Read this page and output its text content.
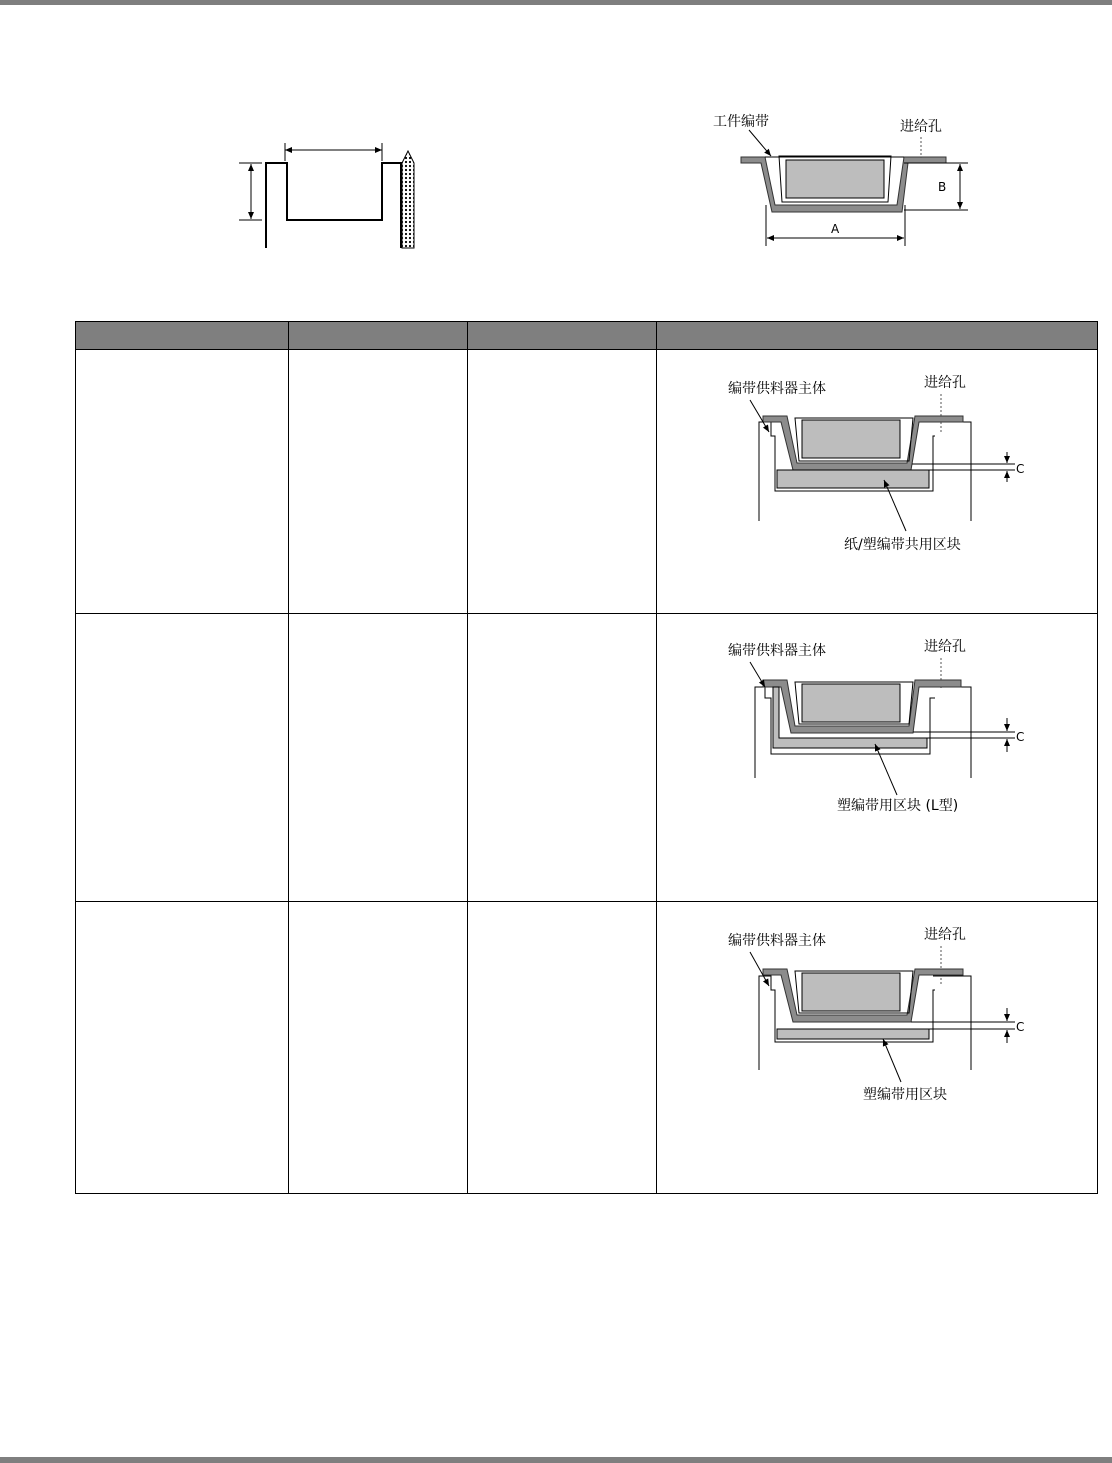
工件编带	进给孔
B
A

编带供料器主体 进给孔
C
纸/塑编带共用区块

编带供料器主体 进给孔
C
塑编带用区块 (L型)

编带供料器主体 进给孔
C
塑编带用区块
